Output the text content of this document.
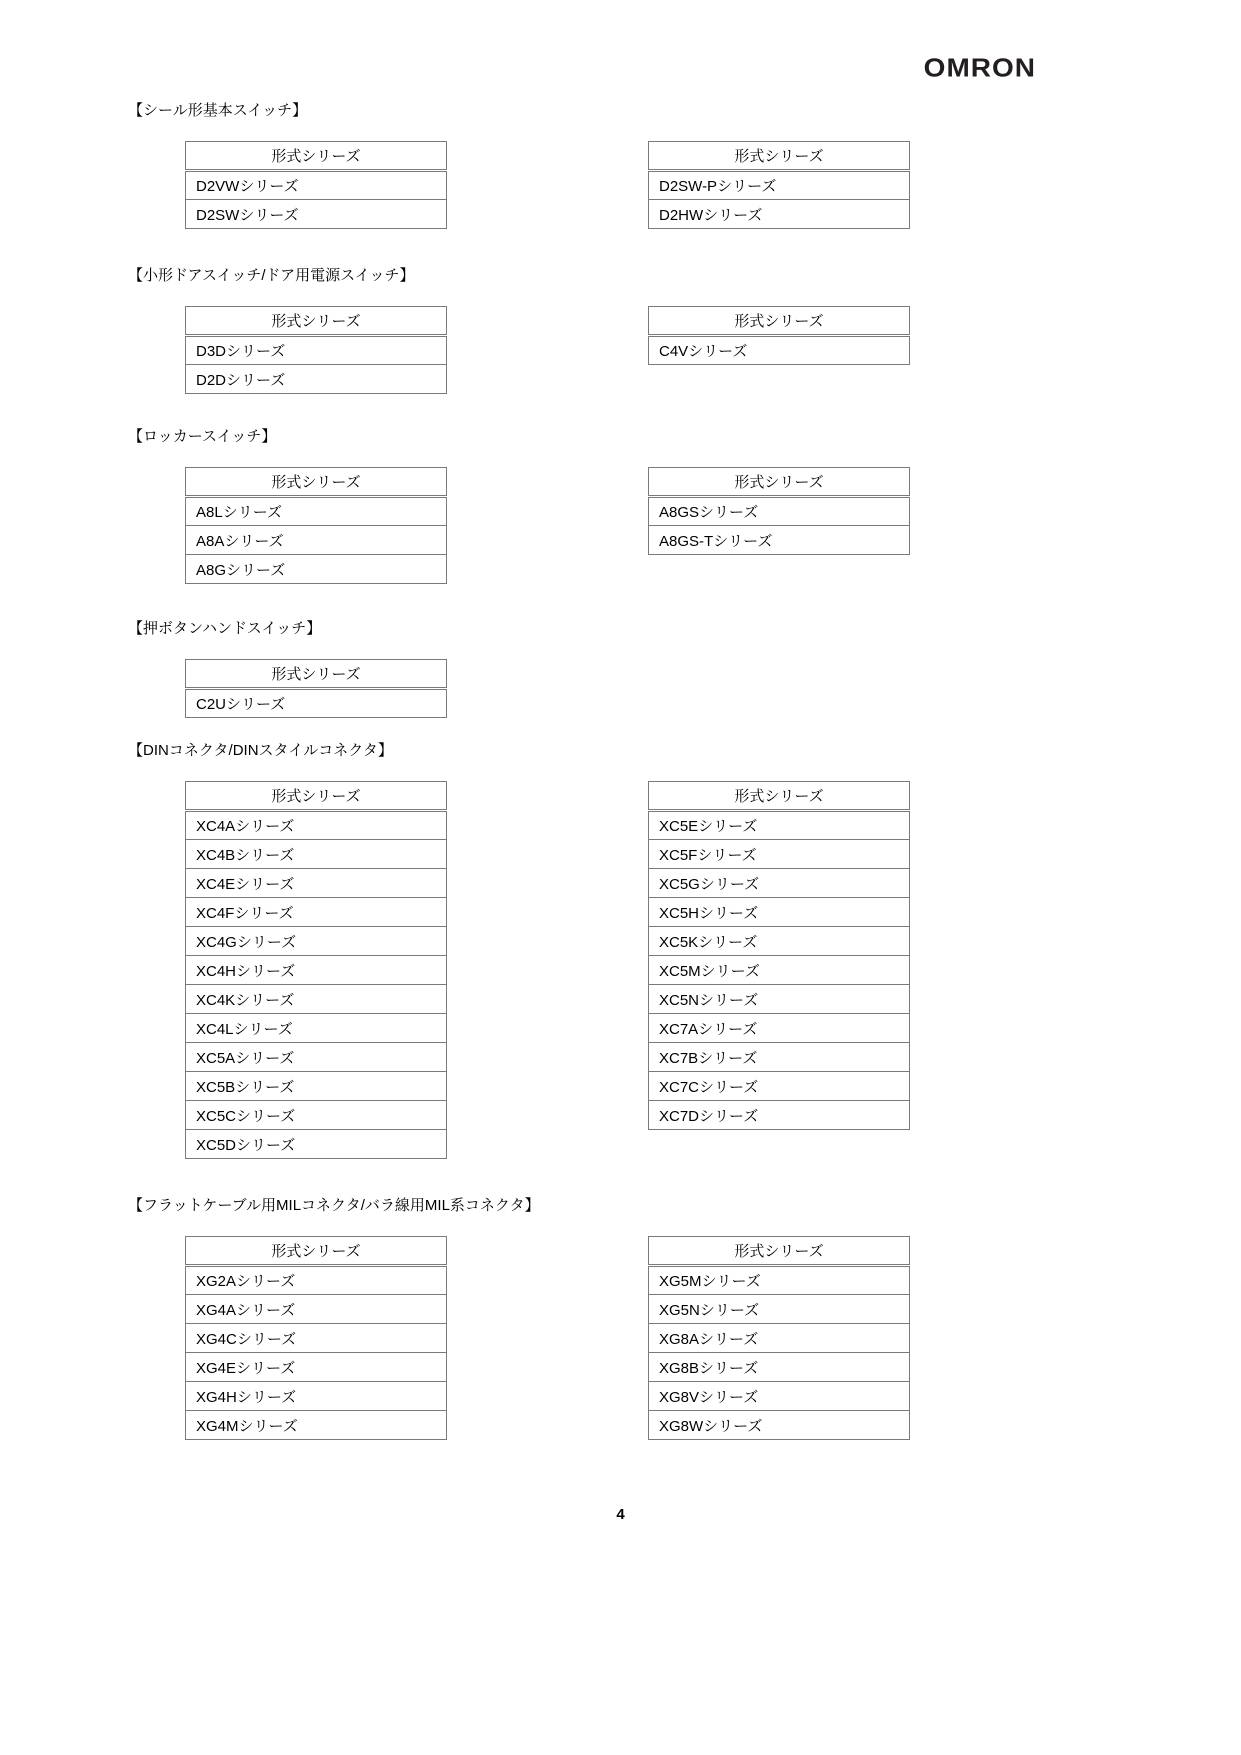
OMRON
【シール形基本スイッチ】
形式シリーズ
D2VWシリーズ
D2SWシリーズ
形式シリーズ
D2SW-Pシリーズ
D2HWシリーズ
【小形ドアスイッチ/ドア用電源スイッチ】
形式シリーズ
D3Dシリーズ
D2Dシリーズ
形式シリーズ
C4Vシリーズ
【ロッカースイッチ】
形式シリーズ
A8Lシリーズ
A8Aシリーズ
A8Gシリーズ
形式シリーズ
A8GSシリーズ
A8GS-Tシリーズ
【押ボタンハンドスイッチ】
形式シリーズ
C2Uシリーズ
【DINコネクタ/DINスタイルコネクタ】
形式シリーズ
XC4Aシリーズ
XC4Bシリーズ
XC4Eシリーズ
XC4Fシリーズ
XC4Gシリーズ
XC4Hシリーズ
XC4Kシリーズ
XC4Lシリーズ
XC5Aシリーズ
XC5Bシリーズ
XC5Cシリーズ
XC5Dシリーズ
形式シリーズ
XC5Eシリーズ
XC5Fシリーズ
XC5Gシリーズ
XC5Hシリーズ
XC5Kシリーズ
XC5Mシリーズ
XC5Nシリーズ
XC7Aシリーズ
XC7Bシリーズ
XC7Cシリーズ
XC7Dシリーズ
【フラットケーブル用MILコネクタ/バラ線用MIL系コネクタ】
形式シリーズ
XG2Aシリーズ
XG4Aシリーズ
XG4Cシリーズ
XG4Eシリーズ
XG4Hシリーズ
XG4Mシリーズ
形式シリーズ
XG5Mシリーズ
XG5Nシリーズ
XG8Aシリーズ
XG8Bシリーズ
XG8Vシリーズ
XG8Wシリーズ
4
